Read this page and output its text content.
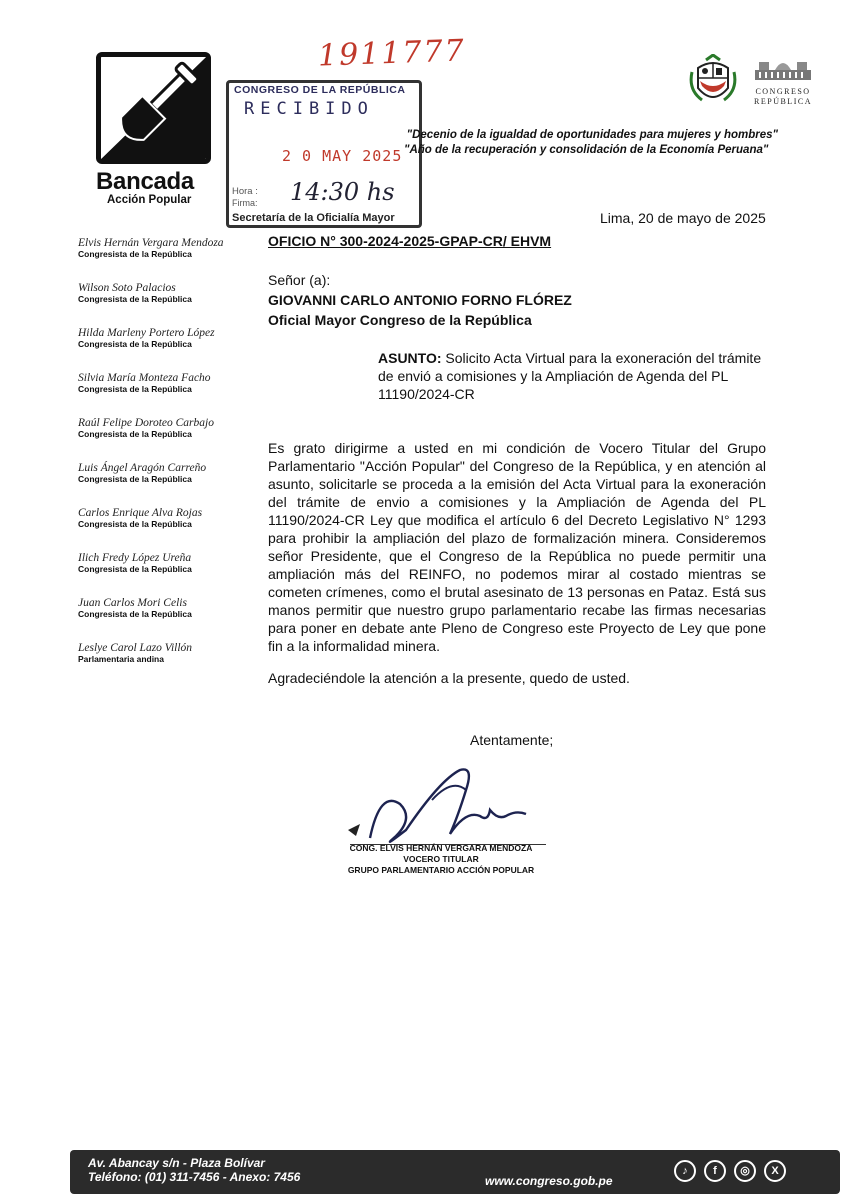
Bancada
Acción Popular
1911777
CONGRESO DE LA REPÚBLICA
RECIBIDO
2 0 MAY 2025
Hora :
Firma:
Secretaría de la Oficialía Mayor
14:30 hs
CONGRESO
REPÚBLICA
"Decenio de la igualdad de oportunidades para mujeres y hombres"
"Año de la recuperación y consolidación de la Economía Peruana"
Lima, 20 de mayo de 2025
Elvis Hernán Vergara Mendoza
Congresista de la República
Wilson Soto Palacios
Congresista de la República
Hilda Marleny Portero López
Congresista de la República
Silvia María Monteza Facho
Congresista de la República
Raúl Felipe Doroteo Carbajo
Congresista de la República
Luis Ángel Aragón Carreño
Congresista de la República
Carlos Enrique Alva Rojas
Congresista de la República
Ilich Fredy López Ureña
Congresista de la República
Juan Carlos Mori Celis
Congresista de la República
Leslye Carol Lazo Villón
Parlamentaria andina
OFICIO N° 300-2024-2025-GPAP-CR/ EHVM
Señor (a):
GIOVANNI CARLO ANTONIO FORNO FLÓREZ
Oficial Mayor Congreso de la República
ASUNTO: Solicito Acta Virtual para la exoneración del trámite de envió a comisiones y la Ampliación de Agenda del PL 11190/2024-CR
Es grato dirigirme a usted en mi condición de Vocero Titular del Grupo Parlamentario "Acción Popular" del Congreso de la República, y en atención al asunto, solicitarle se proceda a la emisión del Acta Virtual para la exoneración del trámite de envio a comisiones y la Ampliación de Agenda del PL 11190/2024-CR Ley que modifica el artículo 6 del Decreto Legislativo N° 1293 para prohibir la ampliación del plazo de formalización minera. Consideremos señor Presidente, que el Congreso de la República no puede permitir una ampliación más del REINFO, no podemos mirar al costado mientras se cometen crímenes, como el brutal asesinato de 13 personas en Pataz. Está sus manos permitir que nuestro grupo parlamentario recabe las firmas necesarias para poner en debate ante Pleno de Congreso este Proyecto de Ley que pone fin a la informalidad minera.
Agradeciéndole la atención a la presente, quedo de usted.
Atentamente;
CONG. ELVIS HERNÁN VERGARA MENDOZA
VOCERO TITULAR
GRUPO PARLAMENTARIO ACCIÓN POPULAR
Av. Abancay s/n - Plaza Bolívar
Teléfono: (01) 311-7456 - Anexo: 7456	www.congreso.gob.pe
♪	f	◎	X
